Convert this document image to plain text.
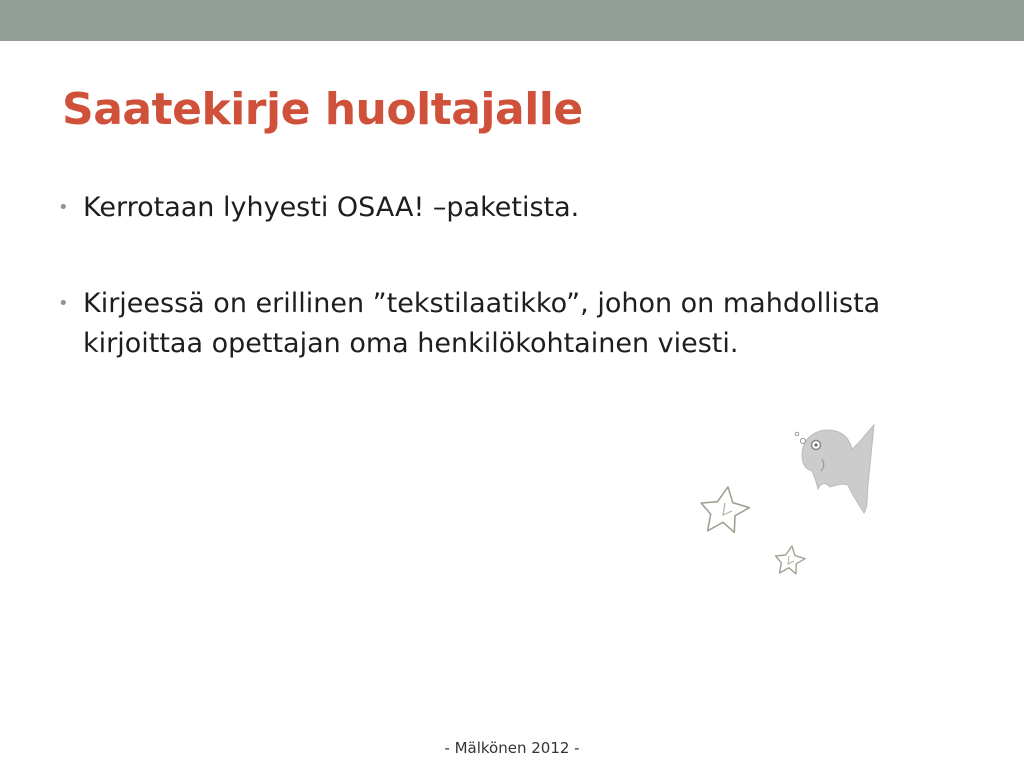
Saatekirje huoltajalle
• Kerrotaan lyhyesti OSAA! –paketista.
• Kirjeessä on erillinen ”tekstilaatikko”, johon on mahdollista kirjoittaa opettajan oma henkilökohtainen viesti.
- Mälkönen 2012 -
